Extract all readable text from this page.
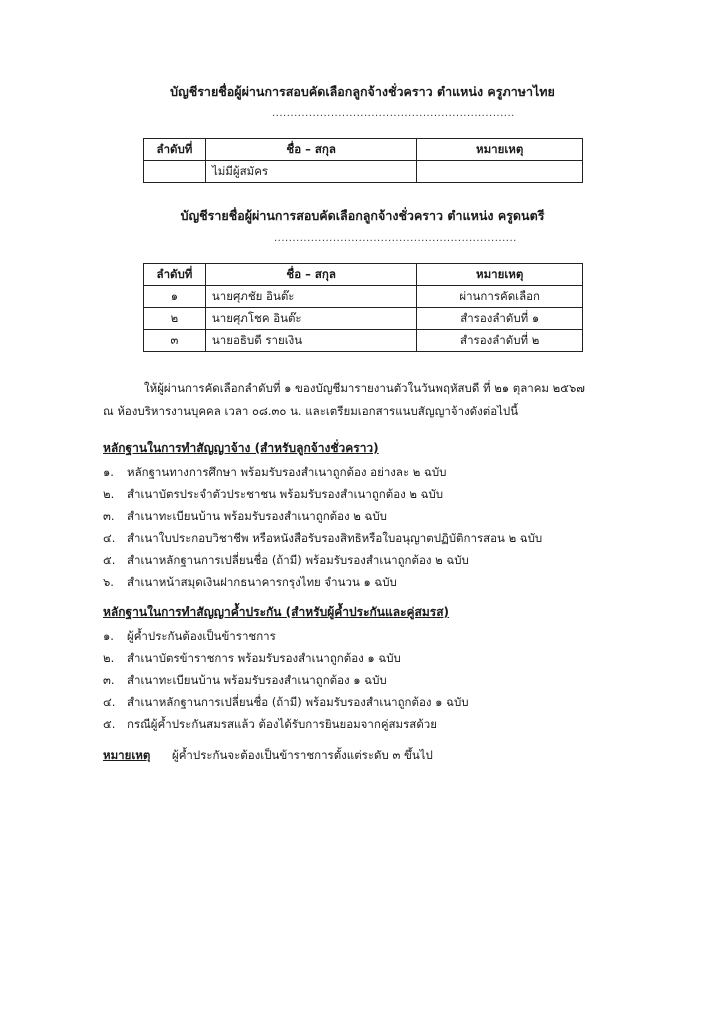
บัญชีรายชื่อผู้ผ่านการสอบคัดเลือกลูกจ้างชั่วคราว ตำแหน่ง ครูภาษาไทย
..................................................................
ลำดับที่	ชื่อ – สกุล	หมายเหตุ
	ไม่มีผู้สมัคร	
บัญชีรายชื่อผู้ผ่านการสอบคัดเลือกลูกจ้างชั่วคราว ตำแหน่ง ครูดนตรี
..................................................................
ลำดับที่	ชื่อ – สกุล	หมายเหตุ
๑	นายศุภชัย อินต๊ะ	ผ่านการคัดเลือก
๒	นายศุภโชค อินต๊ะ	สำรองลำดับที่ ๑
๓	นายอธิบดี รายเงิน	สำรองลำดับที่ ๒
ให้ผู้ผ่านการคัดเลือกลำดับที่ ๑ ของบัญชีมารายงานตัวในวันพฤหัสบดี ที่ ๒๑ ตุลาคม ๒๕๖๗
ณ ห้องบริหารงานบุคคล เวลา ๐๘.๓๐ น. และเตรียมเอกสารแนบสัญญาจ้างดังต่อไปนี้
หลักฐานในการทำสัญญาจ้าง (สำหรับลูกจ้างชั่วคราว)
๑. หลักฐานทางการศึกษา พร้อมรับรองสำเนาถูกต้อง อย่างละ ๒ ฉบับ
๒. สำเนาบัตรประจำตัวประชาชน พร้อมรับรองสำเนาถูกต้อง ๒ ฉบับ
๓. สำเนาทะเบียนบ้าน พร้อมรับรองสำเนาถูกต้อง ๒ ฉบับ
๔. สำเนาใบประกอบวิชาชีพ หรือหนังสือรับรองสิทธิหรือใบอนุญาตปฏิบัติการสอน ๒ ฉบับ
๕. สำเนาหลักฐานการเปลี่ยนชื่อ (ถ้ามี) พร้อมรับรองสำเนาถูกต้อง ๒ ฉบับ
๖. สำเนาหน้าสมุดเงินฝากธนาคารกรุงไทย จำนวน ๑ ฉบับ
หลักฐานในการทำสัญญาค้ำประกัน (สำหรับผู้ค้ำประกันและคู่สมรส)
๑. ผู้ค้ำประกันต้องเป็นข้าราชการ
๒. สำเนาบัตรข้าราชการ พร้อมรับรองสำเนาถูกต้อง ๑ ฉบับ
๓. สำเนาทะเบียนบ้าน พร้อมรับรองสำเนาถูกต้อง ๑ ฉบับ
๔. สำเนาหลักฐานการเปลี่ยนชื่อ (ถ้ามี) พร้อมรับรองสำเนาถูกต้อง ๑ ฉบับ
๕. กรณีผู้ค้ำประกันสมรสแล้ว ต้องได้รับการยินยอมจากคู่สมรสด้วย
หมายเหตุ ผู้ค้ำประกันจะต้องเป็นข้าราชการตั้งแต่ระดับ ๓ ขึ้นไป
